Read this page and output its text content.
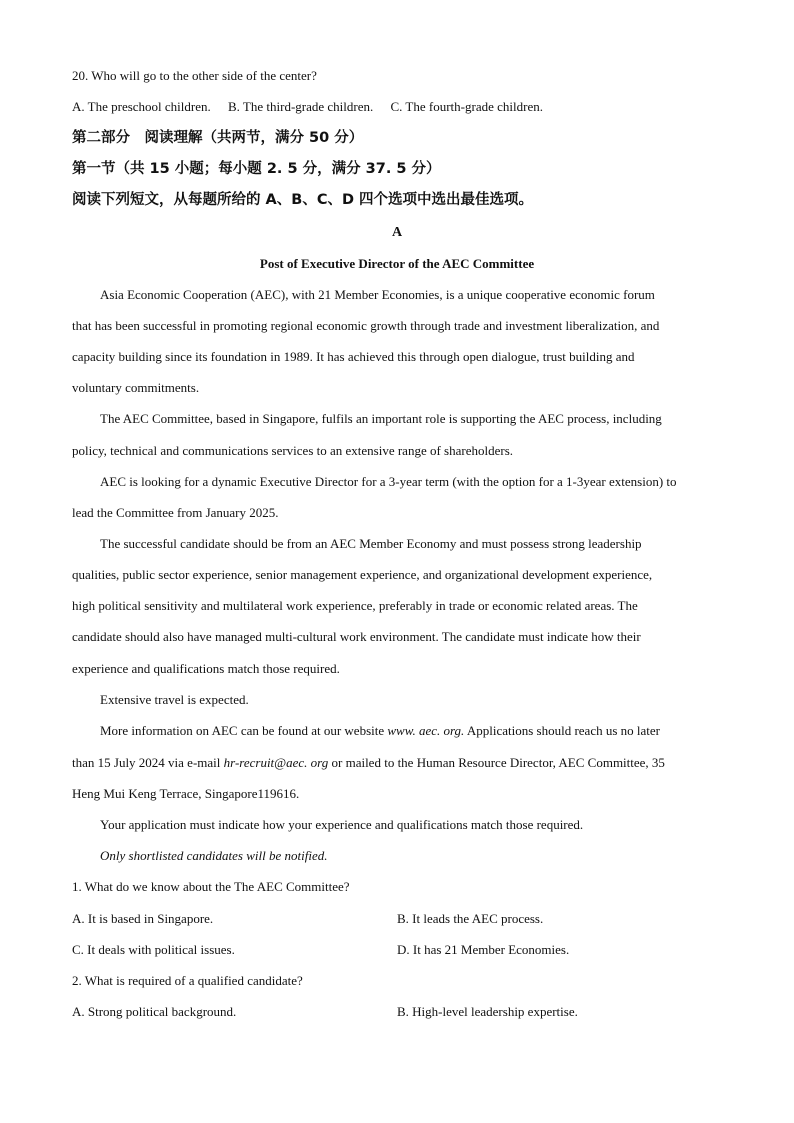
20. Who will go to the other side of the center?
A. The preschool children. B. The third-grade children. C. The fourth-grade children.
第二部分　阅读理解（共两节，满分 50 分）
第一节（共 15 小题；每小题 2. 5 分，满分 37. 5 分）
阅读下列短文，从每题所给的 A、B、C、D 四个选项中选出最佳选项。
A
Post of Executive Director of the AEC Committee
Asia Economic Cooperation (AEC), with 21 Member Economies, is a unique cooperative economic forum
that has been successful in promoting regional economic growth through trade and investment liberalization, and
capacity building since its foundation in 1989. It has achieved this through open dialogue, trust building and
voluntary commitments.
The AEC Committee, based in Singapore, fulfils an important role is supporting the AEC process, including
policy, technical and communications services to an extensive range of shareholders.
AEC is looking for a dynamic Executive Director for a 3-year term (with the option for a 1-3year extension) to
lead the Committee from January 2025.
The successful candidate should be from an AEC Member Economy and must possess strong leadership
qualities, public sector experience, senior management experience, and organizational development experience,
high political sensitivity and multilateral work experience, preferably in trade or economic related areas. The
candidate should also have managed multi-cultural work environment. The candidate must indicate how their
experience and qualifications match those required.
Extensive travel is expected.
More information on AEC can be found at our website www. aec. org. Applications should reach us no later
than 15 July 2024 via e-mail hr-recruit@aec. org or mailed to the Human Resource Director, AEC Committee, 35
Heng Mui Keng Terrace, Singapore119616.
Your application must indicate how your experience and qualifications match those required.
Only shortlisted candidates will be notified.
1. What do we know about the The AEC Committee?
A. It is based in Singapore.	B. It leads the AEC process.
C. It deals with political issues.	D. It has 21 Member Economies.
2. What is required of a qualified candidate?
A. Strong political background.	B. High-level leadership expertise.
